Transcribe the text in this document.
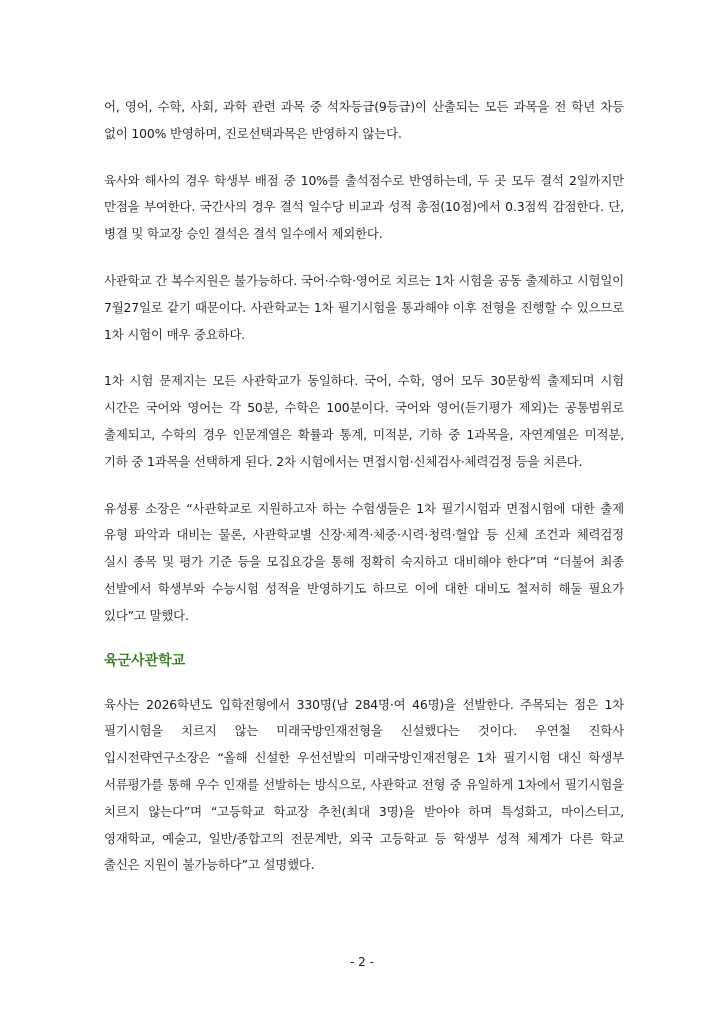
어, 영어, 수학, 사회, 과학 관련 과목 중 석차등급(9등급)이 산출되는 모든 과목을 전 학년 차등 없이 100% 반영하며, 진로선택과목은 반영하지 않는다.

육사와 해사의 경우 학생부 배점 중 10%를 출석점수로 반영하는데, 두 곳 모두 결석 2일까지만 만점을 부여한다. 국간사의 경우 결석 일수당 비교과 성적 총점(10점)에서 0.3점씩 감점한다. 단, 병결 및 학교장 승인 결석은 결석 일수에서 제외한다.

사관학교 간 복수지원은 불가능하다. 국어·수학·영어로 치르는 1차 시험을 공동 출제하고 시험일이 7월27일로 같기 때문이다. 사관학교는 1차 필기시험을 통과해야 이후 전형을 진행할 수 있으므로 1차 시험이 매우 중요하다.

1차 시험 문제지는 모든 사관학교가 동일하다. 국어, 수학, 영어 모두 30문항씩 출제되며 시험 시간은 국어와 영어는 각 50분, 수학은 100분이다. 국어와 영어(듣기평가 제외)는 공통범위로 출제되고, 수학의 경우 인문계열은 확률과 통계, 미적분, 기하 중 1과목을, 자연계열은 미적분, 기하 중 1과목을 선택하게 된다. 2차 시험에서는 면접시험·신체검사·체력검정 등을 치른다.

유성룡 소장은 “사관학교로 지원하고자 하는 수험생들은 1차 필기시험과 면접시험에 대한 출제 유형 파악과 대비는 물론, 사관학교별 신장·체격·체중·시력·청력·혈압 등 신체 조건과 체력검정 실시 종목 및 평가 기준 등을 모집요강을 통해 정확히 숙지하고 대비해야 한다”며 “더불어 최종 선발에서 학생부와 수능시험 성적을 반영하기도 하므로 이에 대한 대비도 철저히 해둘 필요가 있다”고 말했다.

육군사관학교

육사는 2026학년도 입학전형에서 330명(남 284명·여 46명)을 선발한다. 주목되는 점은 1차 필기시험을 치르지 않는 미래국방인재전형을 신설했다는 것이다. 우연철 진학사 입시전략연구소장은 “올해 신설한 우선선발의 미래국방인재전형은 1차 필기시험 대신 학생부 서류평가를 통해 우수 인재를 선발하는 방식으로, 사관학교 전형 중 유일하게 1차에서 필기시험을 치르지 않는다”며 “고등학교 학교장 추천(최대 3명)을 받아야 하며 특성화고, 마이스터고, 영재학교, 예술고, 일반/종합고의 전문계반, 외국 고등학교 등 학생부 성적 체계가 다른 학교 출신은 지원이 불가능하다”고 설명했다.

- 2 -
